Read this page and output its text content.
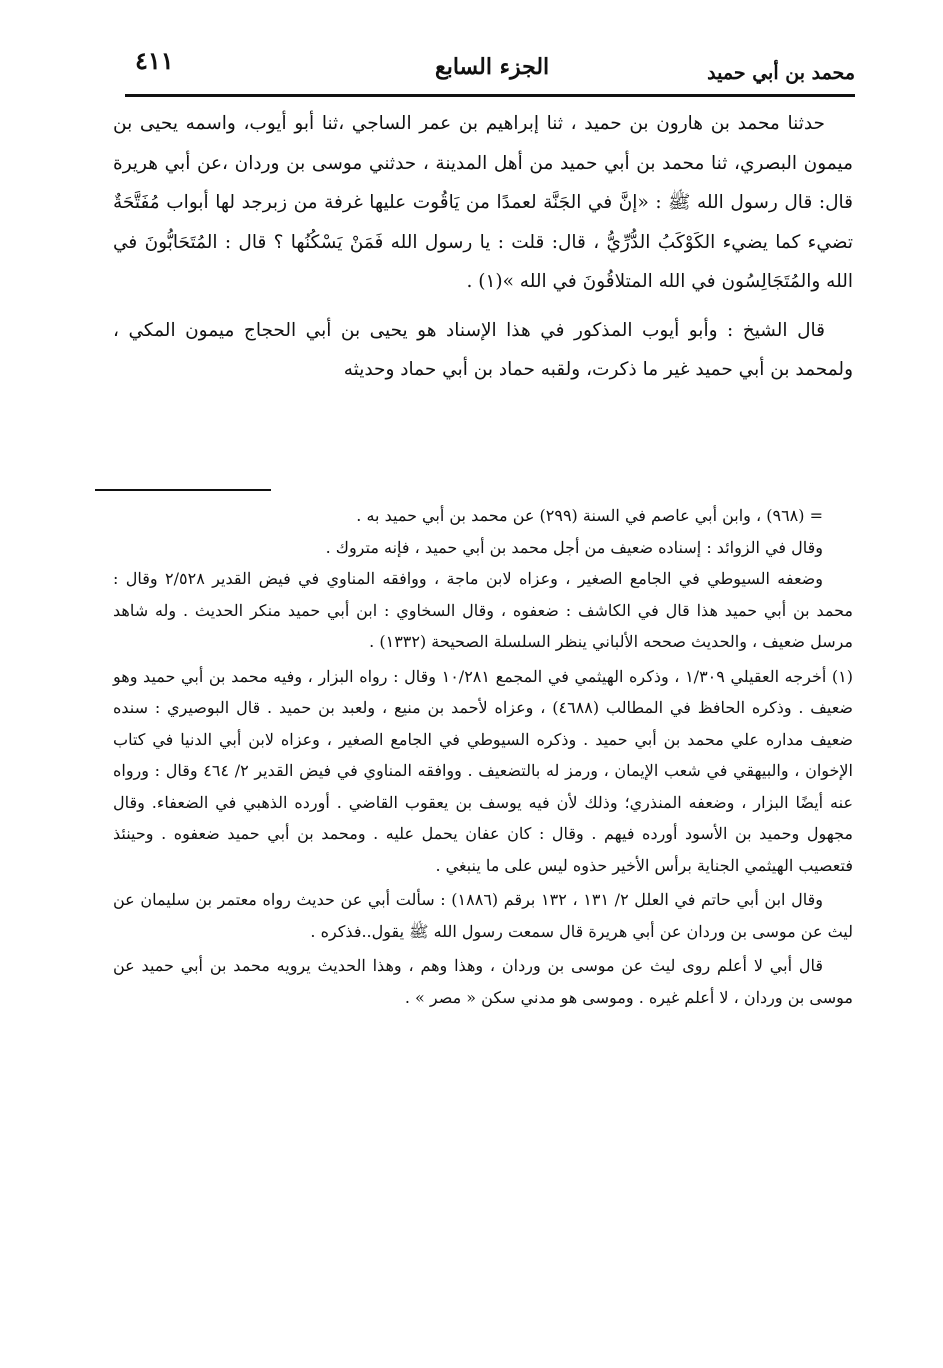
٤١١	الجزء السابع	محمد بن أبي حميد

حدثنا محمد بن هارون بن حميد ، ثنا إبراهيم بن عمر الساجي ،ثنا أبو أيوب، واسمه يحيى بن ميمون البصري، ثنا محمد بن أبي حميد من أهل المدينة ، حدثني موسى بن وردان ،عن أبي هريرة قال: قال رسول الله ﷺ : «إنَّ في الجَنَّة لعمدًا من يَاقُوت عليها غرفة من زبرجد لها أبواب مُفَتَّحَةٌ تضيء كما يضيء الكَوْكَبُ الدُّرِّيُّ ، قال: قلت : يا رسول الله فَمَنْ يَسْكُنُها ؟ قال : المُتَحَابُّونَ في الله والمُتَجَالِسُون في الله المتلاقُونَ في الله »(١) .

قال الشيخ : وأبو أيوب المذكور في هذا الإسناد هو يحيى بن أبي الحجاج ميمون المكي ، ولمحمد بن أبي حميد غير ما ذكرت، ولقبه حماد بن أبي حماد وحديثه

= (٩٦٨) ، وابن أبي عاصم في السنة (٢٩٩) عن محمد بن أبي حميد به .

وقال في الزوائد : إسناده ضعيف من أجل محمد بن أبي حميد ، فإنه متروك .

وضعفه السيوطي في الجامع الصغير ، وعزاه لابن ماجة ، ووافقه المناوي في فيض القدير ٢/٥٢٨ وقال : محمد بن أبي حميد هذا قال في الكاشف : ضعفوه ، وقال السخاوي : ابن أبي حميد منكر الحديث . وله شاهد مرسل ضعيف ، والحديث صححه الألباني ينظر السلسلة الصحيحة (١٣٣٢) .

(١) أخرجه العقيلي ١/٣٠٩ ، وذكره الهيثمي في المجمع ١٠/٢٨١ وقال : رواه البزار ، وفيه محمد بن أبي حميد وهو ضعيف . وذكره الحافظ في المطالب (٤٦٨٨) ، وعزاه لأحمد بن منيع ، ولعبد بن حميد . قال البوصيري : سنده ضعيف مداره علي محمد بن أبي حميد . وذكره السيوطي في الجامع الصغير ، وعزاه لابن أبي الدنيا في كتاب الإخوان ، والبيهقي في شعب الإيمان ، ورمز له بالتضعيف . ووافقه المناوي في فيض القدير ٢/ ٤٦٤ وقال : ورواه عنه أيضًا البزار ، وضعفه المنذري؛ وذلك لأن فيه يوسف بن يعقوب القاضي . أورده الذهبي في الضعفاء. وقال مجهول وحميد بن الأسود أورده فيهم . وقال : كان عفان يحمل عليه . ومحمد بن أبي حميد ضعفوه . وحينئذ فتعصيب الهيثمي الجناية برأس الأخير حذوه ليس على ما ينبغي .

وقال ابن أبي حاتم في العلل ٢/ ١٣١ ، ١٣٢ برقم (١٨٨٦) : سألت أبي عن حديث رواه معتمر بن سليمان عن ليث عن موسى بن وردان عن أبي هريرة قال سمعت رسول الله ﷺ يقول..فذكره .

قال أبي لا أعلم روى ليث عن موسى بن وردان ، وهذا وهم ، وهذا الحديث يرويه محمد بن أبي حميد عن موسى بن وردان ، لا أعلم غيره . وموسى هو مدني سكن « مصر » .
